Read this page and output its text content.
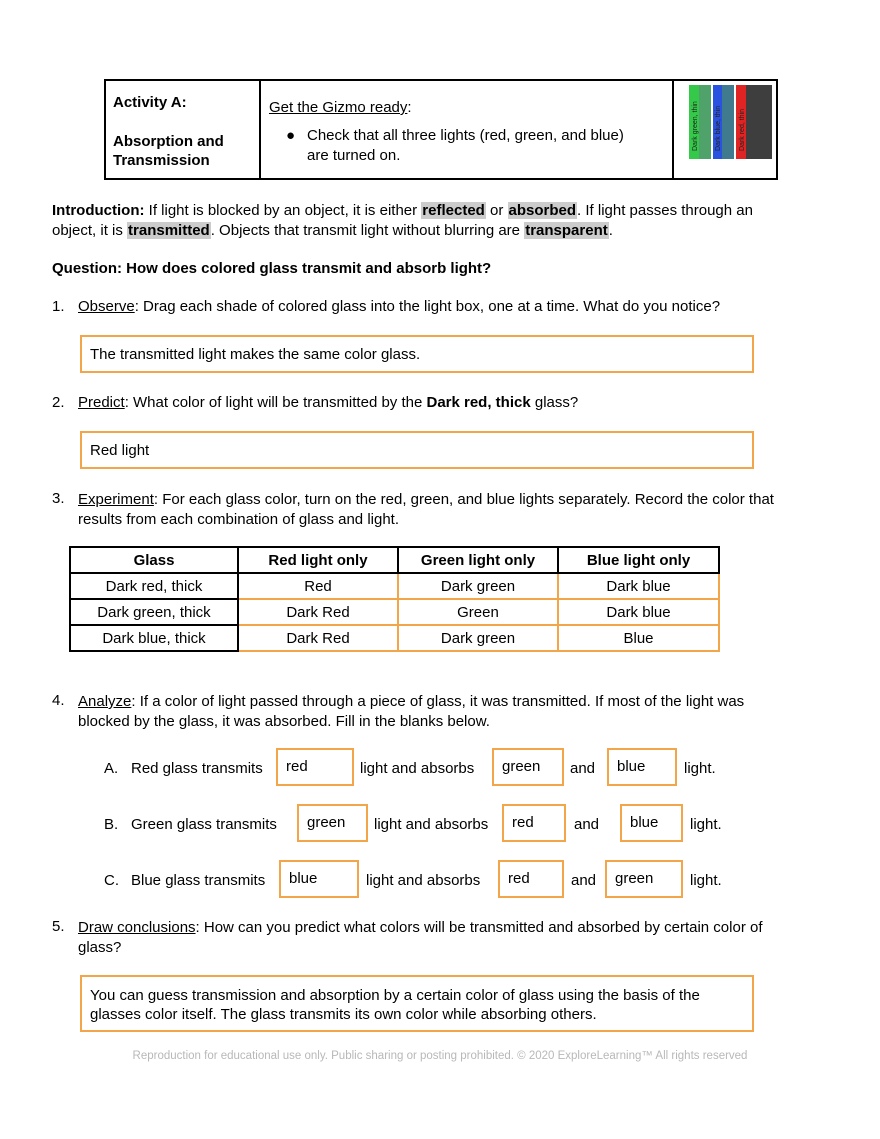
Activity A:
Absorption and
Transmission
Get the Gizmo ready:
● Check that all three lights (red, green, and blue)
are turned on.
Dark green, thin Dark blue, thin Dark red, thin
Introduction: If light is blocked by an object, it is either reflected or absorbed. If light passes through an
object, it is transmitted. Objects that transmit light without blurring are transparent.
Question: How does colored glass transmit and absorb light?
1. Observe: Drag each shade of colored glass into the light box, one at a time. What do you notice?
The transmitted light makes the same color glass.
2. Predict: What color of light will be transmitted by the Dark red, thick glass?
Red light
3. Experiment: For each glass color, turn on the red, green, and blue lights separately. Record the color that
results from each combination of glass and light.
Glass	Red light only	Green light only	Blue light only
Dark red, thick	Red	Dark green	Dark blue
Dark green, thick	Dark Red	Green	Dark blue
Dark blue, thick	Dark Red	Dark green	Blue
4. Analyze: If a color of light passed through a piece of glass, it was transmitted. If most of the light was
blocked by the glass, it was absorbed. Fill in the blanks below.
A. Red glass transmits	red	light and absorbs	green	and	blue	light.
B. Green glass transmits	green	light and absorbs	red	and	blue	light.
C. Blue glass transmits	blue	light and absorbs	red	and	green	light.
5. Draw conclusions: How can you predict what colors will be transmitted and absorbed by certain color of
glass?
You can guess transmission and absorption by a certain color of glass using the basis of the
glasses color itself. The glass transmits its own color while absorbing others.
Reproduction for educational use only. Public sharing or posting prohibited. © 2020 ExploreLearning™ All rights reserved
